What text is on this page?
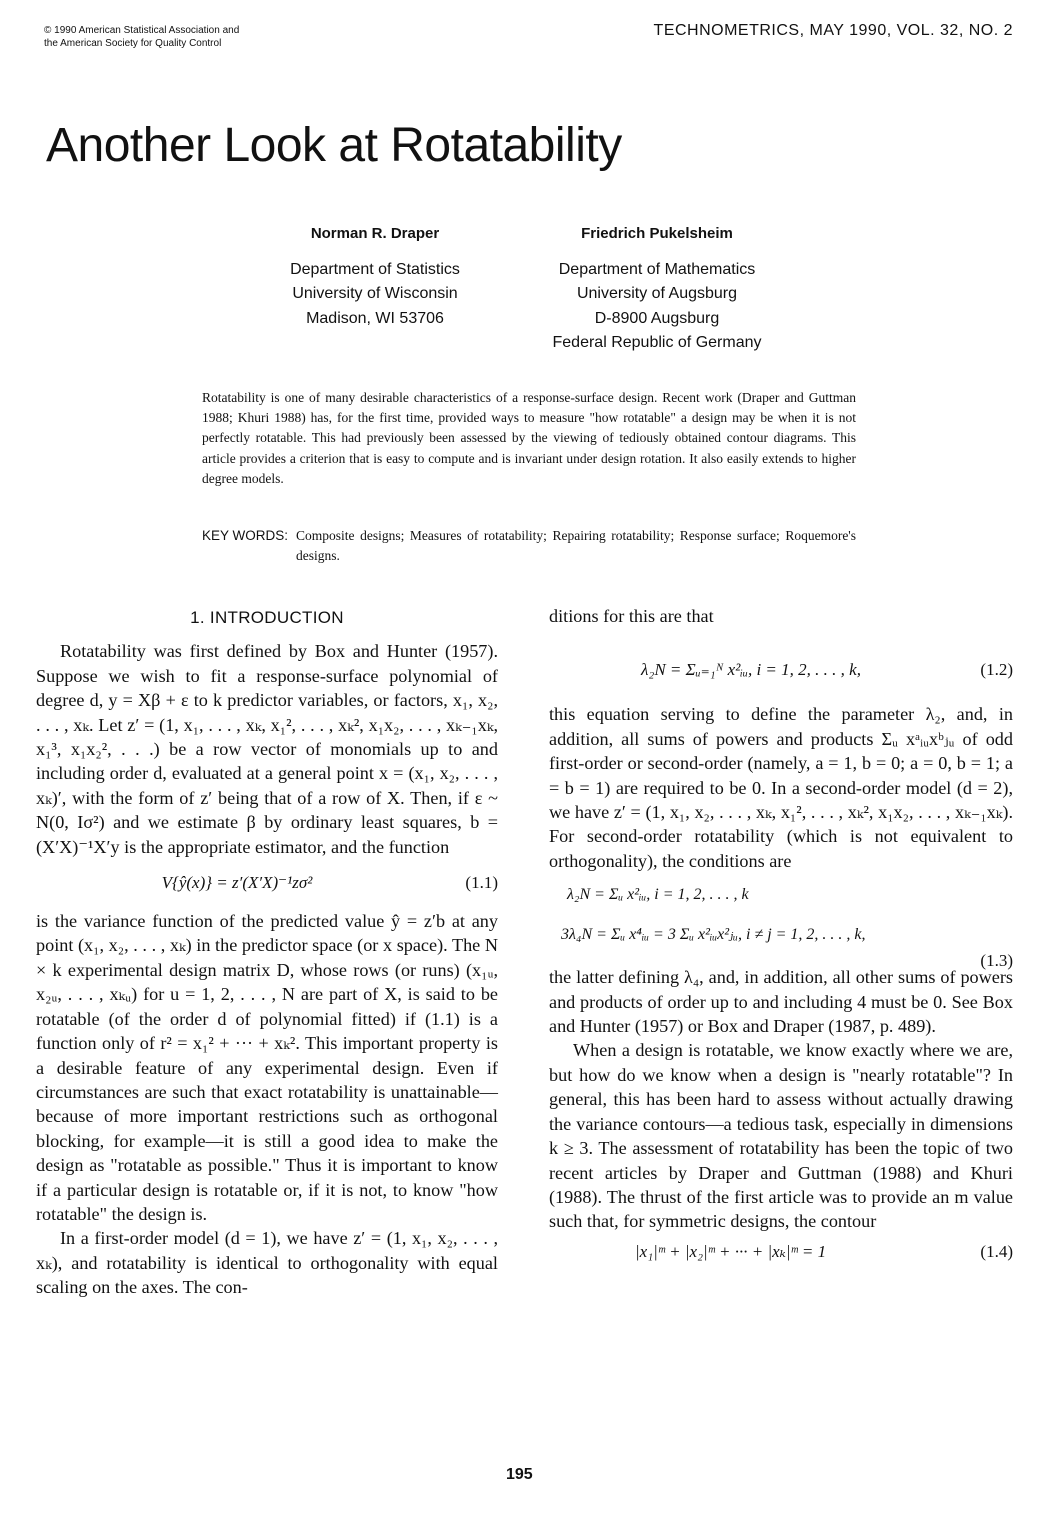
© 1990 American Statistical Association and
the American Society for Quality Control
TECHNOMETRICS, MAY 1990, VOL. 32, NO. 2
Another Look at Rotatability
Norman R. Draper
Department of Statistics
University of Wisconsin
Madison, WI 53706
Friedrich Pukelsheim
Department of Mathematics
University of Augsburg
D-8900 Augsburg
Federal Republic of Germany
Rotatability is one of many desirable characteristics of a response-surface design. Recent work (Draper and Guttman 1988; Khuri 1988) has, for the first time, provided ways to measure "how rotatable" a design may be when it is not perfectly rotatable. This had previously been assessed by the viewing of tediously obtained contour diagrams. This article provides a criterion that is easy to compute and is invariant under design rotation. It also easily extends to higher degree models.
KEY WORDS: Composite designs; Measures of rotatability; Repairing rotatability; Response surface; Roquemore's designs.
1. INTRODUCTION

Rotatability was first defined by Box and Hunter (1957). Suppose we wish to fit a response-surface polynomial of degree d, y = Xβ + ε to k predictor variables, or factors, x₁, x₂, . . . , xₖ. Let z′ = (1, x₁, . . . , xₖ, x₁², . . . , xₖ², x₁x₂, . . . , xₖ₋₁xₖ, x₁³, x₁x₂², . . .) be a row vector of monomials up to and including order d, evaluated at a general point x = (x₁, x₂, . . . , xₖ)′, with the form of z′ being that of a row of X. Then, if ε ~ N(0, Iσ²) and we estimate β by ordinary least squares, b = (X′X)⁻¹X′y is the appropriate estimator, and the function

V{ŷ(x)} = z′(X′X)⁻¹zσ²	(1.1)

is the variance function of the predicted value ŷ = z′b at any point (x₁, x₂, . . . , xₖ) in the predictor space (or x space). The N × k experimental design matrix D, whose rows (or runs) (x₁ᵤ, x₂ᵤ, . . . , xₖᵤ) for u = 1, 2, . . . , N are part of X, is said to be rotatable (of the order d of polynomial fitted) if (1.1) is a function only of r² = x₁² + ··· + xₖ². This important property is a desirable feature of any experimental design. Even if circumstances are such that exact rotatability is unattainable—because of more important restrictions such as orthogonal blocking, for example—it is still a good idea to make the design as "rotatable as possible." Thus it is important to know if a particular design is rotatable or, if it is not, to know "how rotatable" the design is.

In a first-order model (d = 1), we have z′ = (1, x₁, x₂, . . . , xₖ), and rotatability is identical to orthogonality with equal scaling on the axes. The con-

ditions for this are that

λ₂N = Σᵤ₌₁ᴺ x²ᵢᵤ, i = 1, 2, . . . , k,	(1.2)

this equation serving to define the parameter λ₂, and, in addition, all sums of powers and products Σᵤ xᵃᵢᵤxᵇⱼᵤ of odd first-order or second-order (namely, a = 1, b = 0; a = 0, b = 1; a = b = 1) are required to be 0. In a second-order model (d = 2), we have z′ = (1, x₁, x₂, . . . , xₖ, x₁², . . . , xₖ², x₁x₂, . . . , xₖ₋₁xₖ). For second-order rotatability (which is not equivalent to orthogonality), the conditions are

λ₂N = Σᵤ x²ᵢᵤ, i = 1, 2, . . . , k
3λ₄N = Σᵤ x⁴ᵢᵤ = 3 Σᵤ x²ᵢᵤx²ⱼᵤ, i ≠ j = 1, 2, . . . , k,
(1.3)

the latter defining λ₄, and, in addition, all other sums of powers and products of order up to and including 4 must be 0. See Box and Hunter (1957) or Box and Draper (1987, p. 489).

When a design is rotatable, we know exactly where we are, but how do we know when a design is "nearly rotatable"? In general, this has been hard to assess without actually drawing the variance contours—a tedious task, especially in dimensions k ≥ 3. The assessment of rotatability has been the topic of two recent articles by Draper and Guttman (1988) and Khuri (1988). The thrust of the first article was to provide an m value such that, for symmetric designs, the contour

|x₁|ᵐ + |x₂|ᵐ + ··· + |xₖ|ᵐ = 1	(1.4)
195
